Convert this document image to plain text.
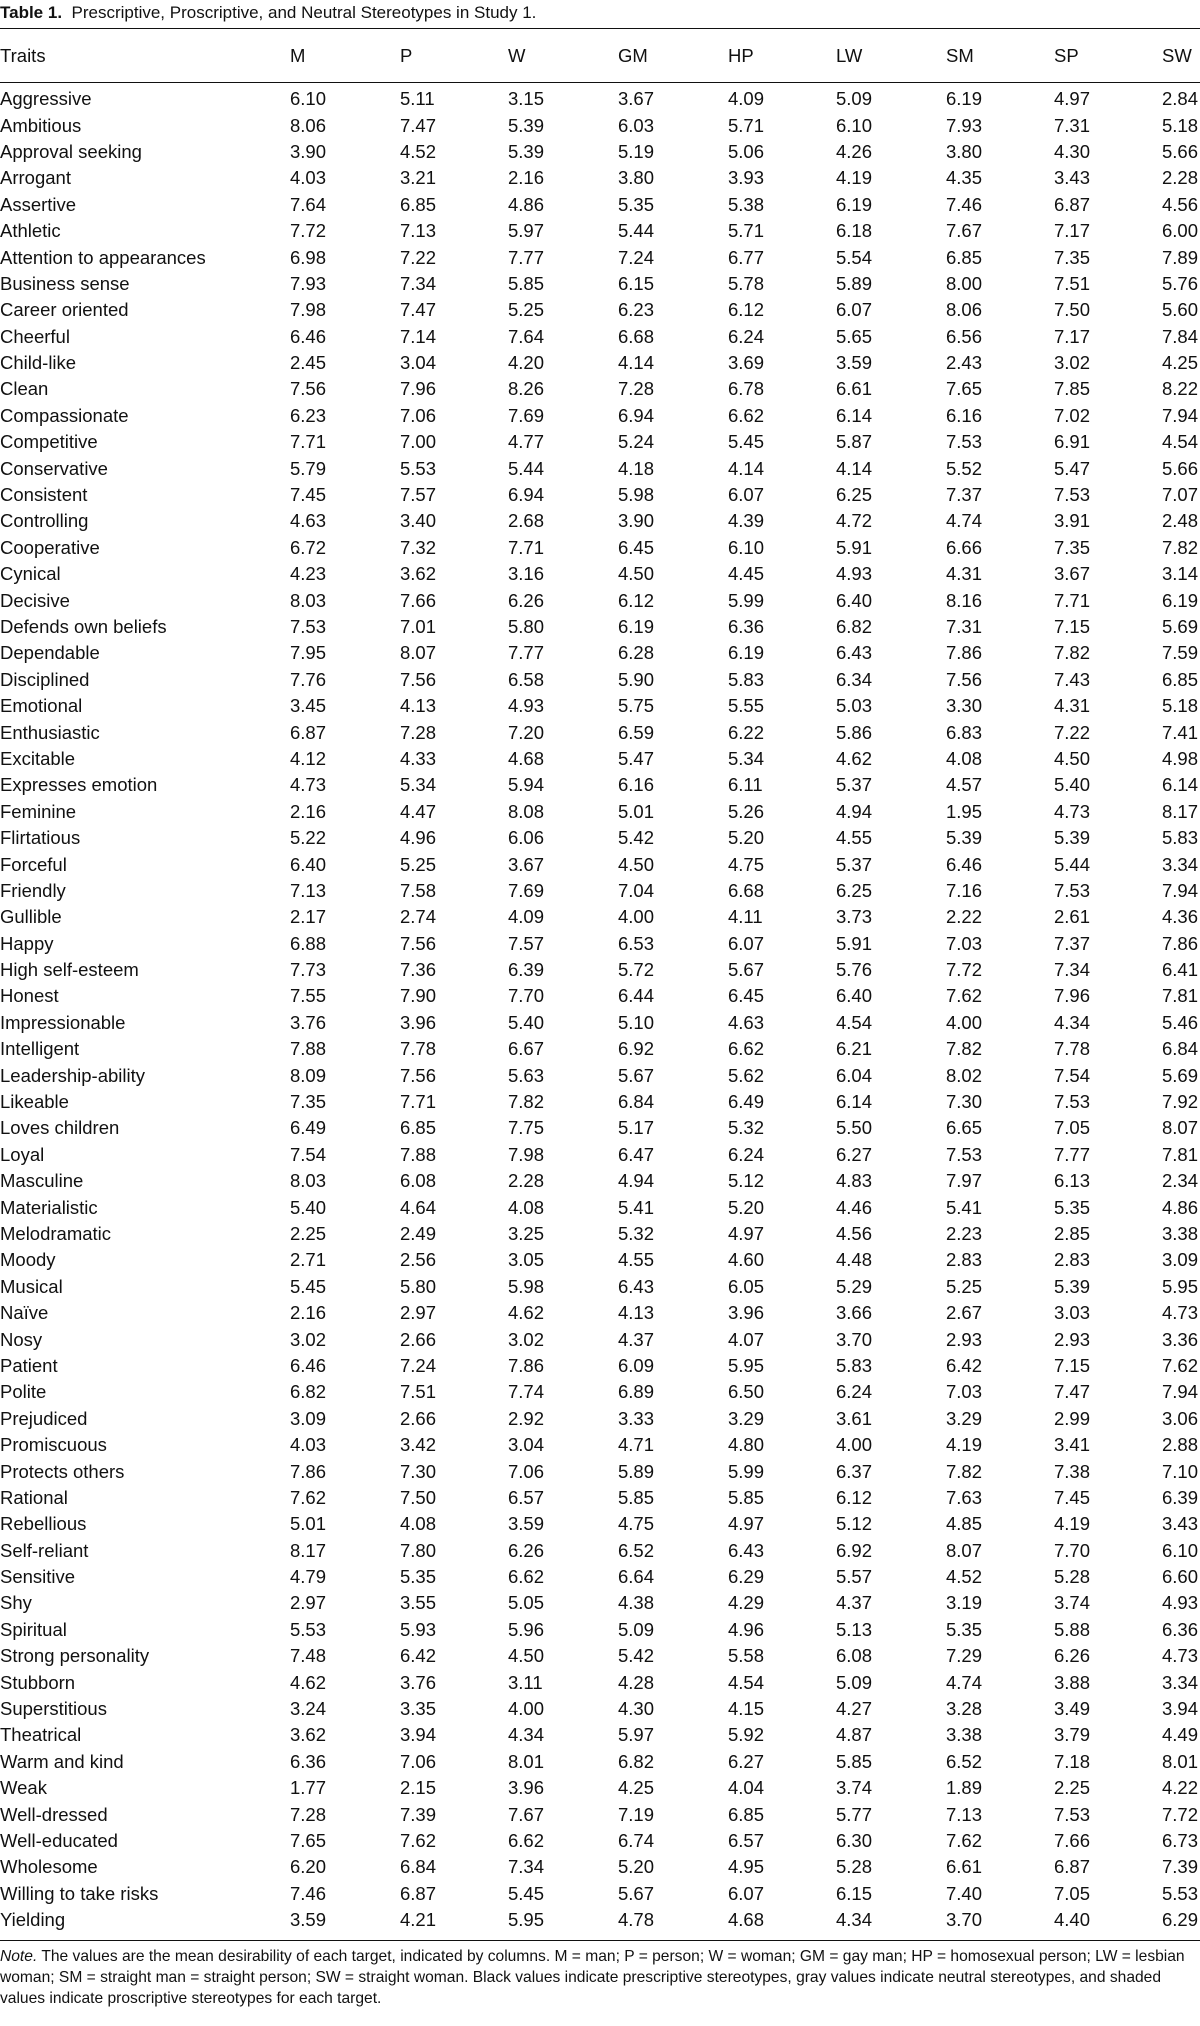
Table 1. Prescriptive, Proscriptive, and Neutral Stereotypes in Study 1.
Traits	M	P	W	GM	HP	LW	SM	SP	SW	
Aggressive	6.10	5.11	3.15	3.67	4.09	5.09	6.19	4.97	2.84	
Ambitious	8.06	7.47	5.39	6.03	5.71	6.10	7.93	7.31	5.18	
Approval seeking	3.90	4.52	5.39	5.19	5.06	4.26	3.80	4.30	5.66	
Arrogant	4.03	3.21	2.16	3.80	3.93	4.19	4.35	3.43	2.28	
Assertive	7.64	6.85	4.86	5.35	5.38	6.19	7.46	6.87	4.56	
Athletic	7.72	7.13	5.97	5.44	5.71	6.18	7.67	7.17	6.00	
Attention to appearances	6.98	7.22	7.77	7.24	6.77	5.54	6.85	7.35	7.89	
Business sense	7.93	7.34	5.85	6.15	5.78	5.89	8.00	7.51	5.76	
Career oriented	7.98	7.47	5.25	6.23	6.12	6.07	8.06	7.50	5.60	
Cheerful	6.46	7.14	7.64	6.68	6.24	5.65	6.56	7.17	7.84	
Child-like	2.45	3.04	4.20	4.14	3.69	3.59	2.43	3.02	4.25	
Clean	7.56	7.96	8.26	7.28	6.78	6.61	7.65	7.85	8.22	
Compassionate	6.23	7.06	7.69	6.94	6.62	6.14	6.16	7.02	7.94	
Competitive	7.71	7.00	4.77	5.24	5.45	5.87	7.53	6.91	4.54	
Conservative	5.79	5.53	5.44	4.18	4.14	4.14	5.52	5.47	5.66	
Consistent	7.45	7.57	6.94	5.98	6.07	6.25	7.37	7.53	7.07	
Controlling	4.63	3.40	2.68	3.90	4.39	4.72	4.74	3.91	2.48	
Cooperative	6.72	7.32	7.71	6.45	6.10	5.91	6.66	7.35	7.82	
Cynical	4.23	3.62	3.16	4.50	4.45	4.93	4.31	3.67	3.14	
Decisive	8.03	7.66	6.26	6.12	5.99	6.40	8.16	7.71	6.19	
Defends own beliefs	7.53	7.01	5.80	6.19	6.36	6.82	7.31	7.15	5.69	
Dependable	7.95	8.07	7.77	6.28	6.19	6.43	7.86	7.82	7.59	
Disciplined	7.76	7.56	6.58	5.90	5.83	6.34	7.56	7.43	6.85	
Emotional	3.45	4.13	4.93	5.75	5.55	5.03	3.30	4.31	5.18	
Enthusiastic	6.87	7.28	7.20	6.59	6.22	5.86	6.83	7.22	7.41	
Excitable	4.12	4.33	4.68	5.47	5.34	4.62	4.08	4.50	4.98	
Expresses emotion	4.73	5.34	5.94	6.16	6.11	5.37	4.57	5.40	6.14	
Feminine	2.16	4.47	8.08	5.01	5.26	4.94	1.95	4.73	8.17	
Flirtatious	5.22	4.96	6.06	5.42	5.20	4.55	5.39	5.39	5.83	
Forceful	6.40	5.25	3.67	4.50	4.75	5.37	6.46	5.44	3.34	
Friendly	7.13	7.58	7.69	7.04	6.68	6.25	7.16	7.53	7.94	
Gullible	2.17	2.74	4.09	4.00	4.11	3.73	2.22	2.61	4.36	
Happy	6.88	7.56	7.57	6.53	6.07	5.91	7.03	7.37	7.86	
High self-esteem	7.73	7.36	6.39	5.72	5.67	5.76	7.72	7.34	6.41	
Honest	7.55	7.90	7.70	6.44	6.45	6.40	7.62	7.96	7.81	
Impressionable	3.76	3.96	5.40	5.10	4.63	4.54	4.00	4.34	5.46	
Intelligent	7.88	7.78	6.67	6.92	6.62	6.21	7.82	7.78	6.84	
Leadership-ability	8.09	7.56	5.63	5.67	5.62	6.04	8.02	7.54	5.69	
Likeable	7.35	7.71	7.82	6.84	6.49	6.14	7.30	7.53	7.92	
Loves children	6.49	6.85	7.75	5.17	5.32	5.50	6.65	7.05	8.07	
Loyal	7.54	7.88	7.98	6.47	6.24	6.27	7.53	7.77	7.81	
Masculine	8.03	6.08	2.28	4.94	5.12	4.83	7.97	6.13	2.34	
Materialistic	5.40	4.64	4.08	5.41	5.20	4.46	5.41	5.35	4.86	
Melodramatic	2.25	2.49	3.25	5.32	4.97	4.56	2.23	2.85	3.38	
Moody	2.71	2.56	3.05	4.55	4.60	4.48	2.83	2.83	3.09	
Musical	5.45	5.80	5.98	6.43	6.05	5.29	5.25	5.39	5.95	
Naïve	2.16	2.97	4.62	4.13	3.96	3.66	2.67	3.03	4.73	
Nosy	3.02	2.66	3.02	4.37	4.07	3.70	2.93	2.93	3.36	
Patient	6.46	7.24	7.86	6.09	5.95	5.83	6.42	7.15	7.62	
Polite	6.82	7.51	7.74	6.89	6.50	6.24	7.03	7.47	7.94	
Prejudiced	3.09	2.66	2.92	3.33	3.29	3.61	3.29	2.99	3.06	
Promiscuous	4.03	3.42	3.04	4.71	4.80	4.00	4.19	3.41	2.88	
Protects others	7.86	7.30	7.06	5.89	5.99	6.37	7.82	7.38	7.10	
Rational	7.62	7.50	6.57	5.85	5.85	6.12	7.63	7.45	6.39	
Rebellious	5.01	4.08	3.59	4.75	4.97	5.12	4.85	4.19	3.43	
Self-reliant	8.17	7.80	6.26	6.52	6.43	6.92	8.07	7.70	6.10	
Sensitive	4.79	5.35	6.62	6.64	6.29	5.57	4.52	5.28	6.60	
Shy	2.97	3.55	5.05	4.38	4.29	4.37	3.19	3.74	4.93	
Spiritual	5.53	5.93	5.96	5.09	4.96	5.13	5.35	5.88	6.36	
Strong personality	7.48	6.42	4.50	5.42	5.58	6.08	7.29	6.26	4.73	
Stubborn	4.62	3.76	3.11	4.28	4.54	5.09	4.74	3.88	3.34	
Superstitious	3.24	3.35	4.00	4.30	4.15	4.27	3.28	3.49	3.94	
Theatrical	3.62	3.94	4.34	5.97	5.92	4.87	3.38	3.79	4.49	
Warm and kind	6.36	7.06	8.01	6.82	6.27	5.85	6.52	7.18	8.01	
Weak	1.77	2.15	3.96	4.25	4.04	3.74	1.89	2.25	4.22	
Well-dressed	7.28	7.39	7.67	7.19	6.85	5.77	7.13	7.53	7.72	
Well-educated	7.65	7.62	6.62	6.74	6.57	6.30	7.62	7.66	6.73	
Wholesome	6.20	6.84	7.34	5.20	4.95	5.28	6.61	6.87	7.39	
Willing to take risks	7.46	6.87	5.45	5.67	6.07	6.15	7.40	7.05	5.53	
Yielding	3.59	4.21	5.95	4.78	4.68	4.34	3.70	4.40	6.29	
Note. The values are the mean desirability of each target, indicated by columns. M = man; P = person; W = woman; GM = gay man; HP = homosexual person; LW = lesbian woman; SM = straight man = straight person; SW = straight woman. Black values indicate prescriptive stereotypes, gray values indicate neutral stereotypes, and shaded values indicate proscriptive stereotypes for each target.
